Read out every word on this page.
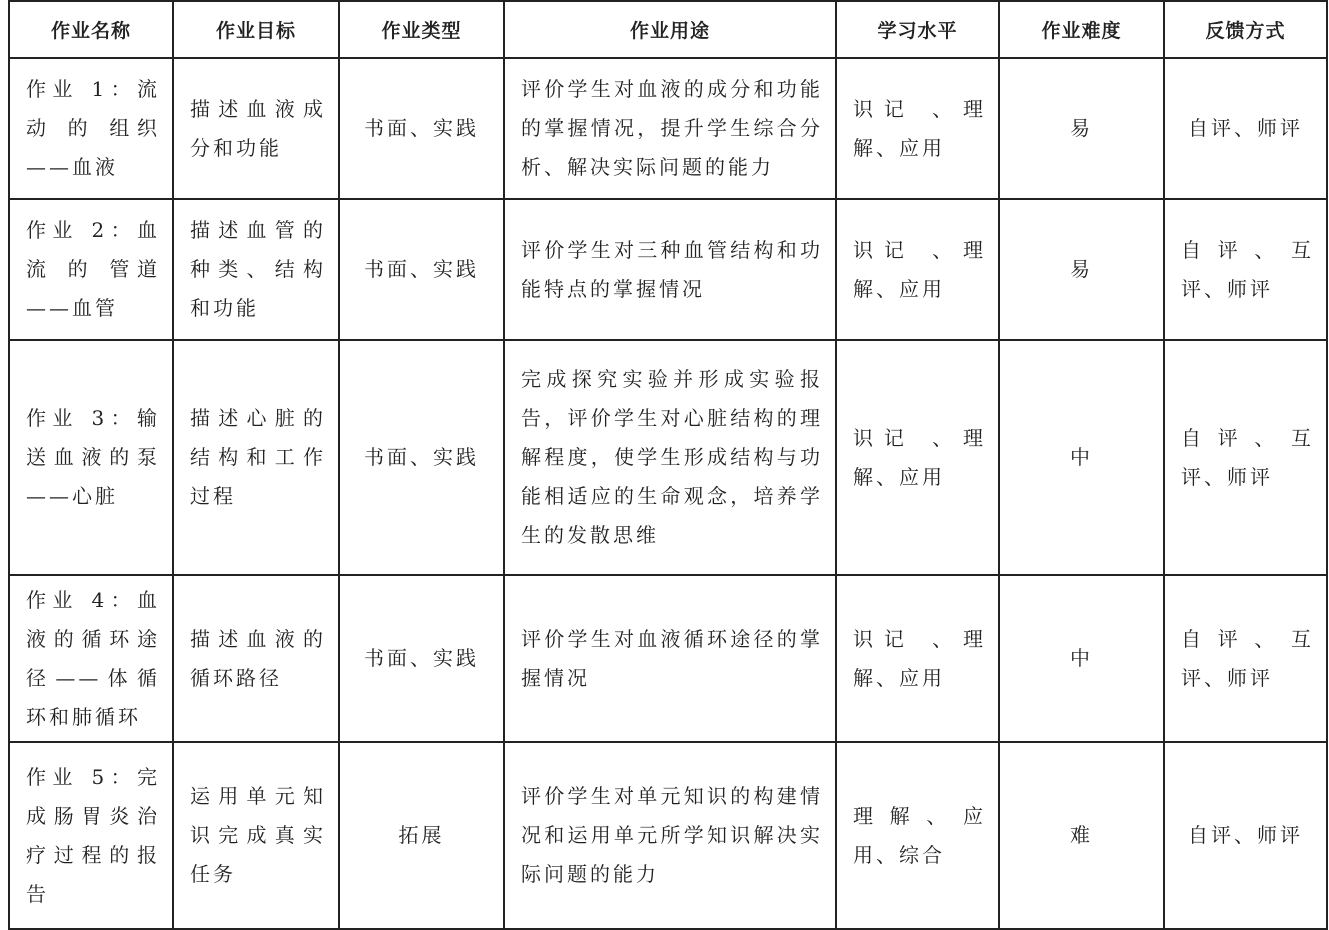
作业名称	作业目标	作业类型	作业用途	学习水平	作业难度	反馈方式
作业 1：流 动 的 组织——血液	描述血液成分和功能	书面、实践	评价学生对血液的成分和功能的掌握情况，提升学生综合分析、解决实际问题的能力	识记 、理解、应用	易	自评、师评
作业 2：血 流 的 管道——血管	描述血管的种类、结构和功能	书面、实践	评价学生对三种血管结构和功能特点的掌握情况	识记 、理解、应用	易	自评、互评、师评
作业 3：输送血液的泵——心脏	描述心脏的结构和工作过程	书面、实践	完成探究实验并形成实验报告，评价学生对心脏结构的理解程度，使学生形成结构与功能相适应的生命观念，培养学生的发散思维	识记 、理解、应用	中	自评、互评、师评
作业 4：血液的循环途径——体循环和肺循环	描述血液的循环路径	书面、实践	评价学生对血液循环途径的掌握情况	识记 、理解、应用	中	自评、互评、师评
作业 5：完成肠胃炎治疗过程的报告	运用单元知识完成真实任务	拓展	评价学生对单元知识的构建情况和运用单元所学知识解决实际问题的能力	理解、应用、综合	难	自评、师评
